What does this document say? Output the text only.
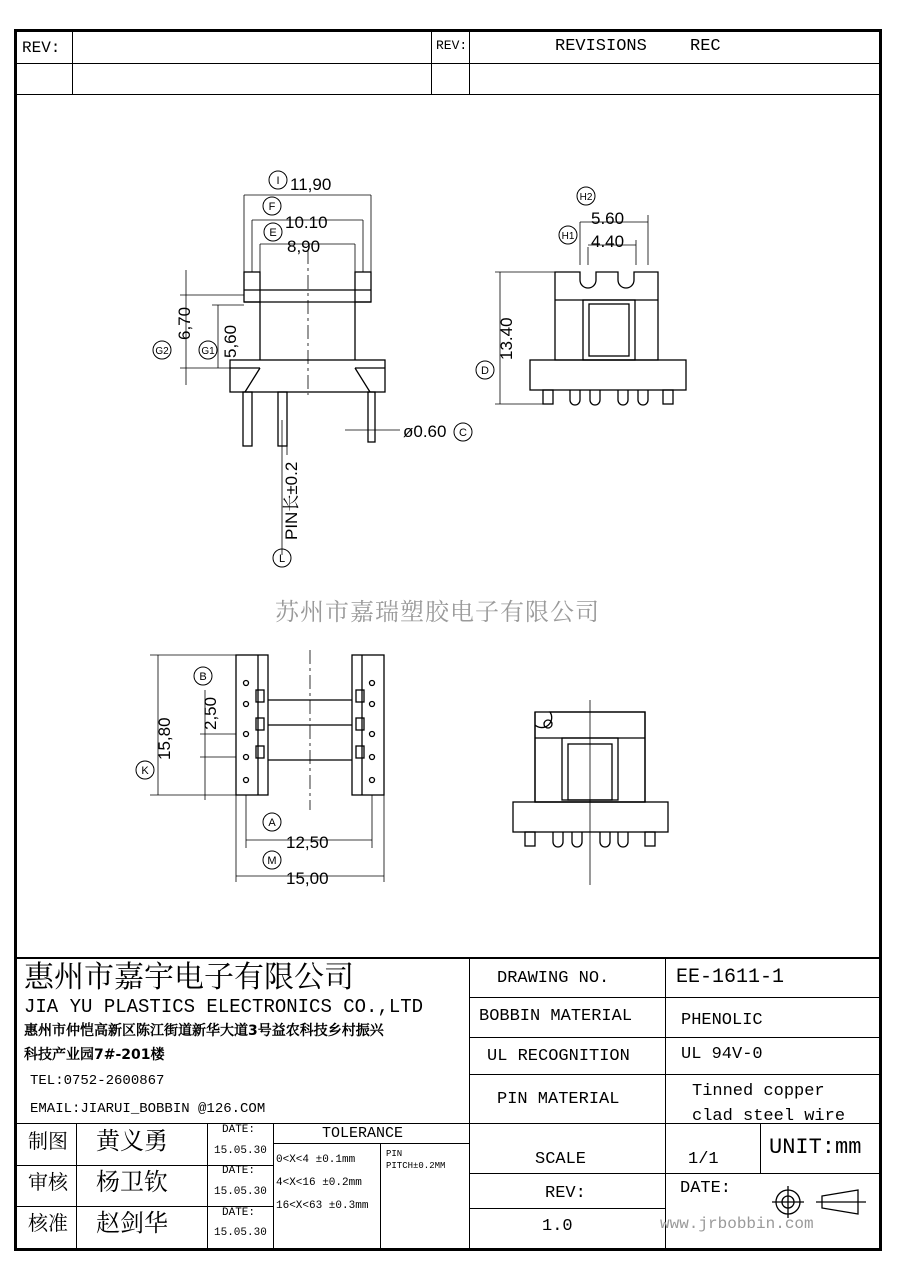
REV:	REV:	REVISIONS	REC
苏州市嘉瑞塑胶电子有限公司
11,90
10.10
8,90
5.60
4.40
ø0.60
12,50
15,00
13.40
6,70
5,60
PIN长±0.2
2,50
15,80
I
F
E
H2
H1
D
G2	G1
C
L
B
K
A
M
惠州市嘉宇电子有限公司
JIA YU PLASTICS ELECTRONICS CO.,LTD
惠州市仲恺高新区陈江街道新华大道3号益农科技乡村振兴
科技产业园7#-201楼
TEL:0752-2600867
EMAIL:JIARUI_BOBBIN @126.COM
DRAWING NO.	EE-1611-1
BOBBIN MATERIAL	PHENOLIC
UL RECOGNITION	UL 94V-0
PIN MATERIAL	Tinned copper
clad steel wire
SCALE	1/1 UNIT:mm
REV:
1.0
DATE:
www.jrbobbin.com
TOLERANCE
0<X<4 ±0.1mm
4<X<16 ±0.2mm
16<X<63 ±0.3mm
PIN
PITCH±0.2MM
制图 黄义勇	DATE:
15.05.30
审核 杨卫钦	DATE:
15.05.30
核准 赵剑华	DATE:
15.05.30
